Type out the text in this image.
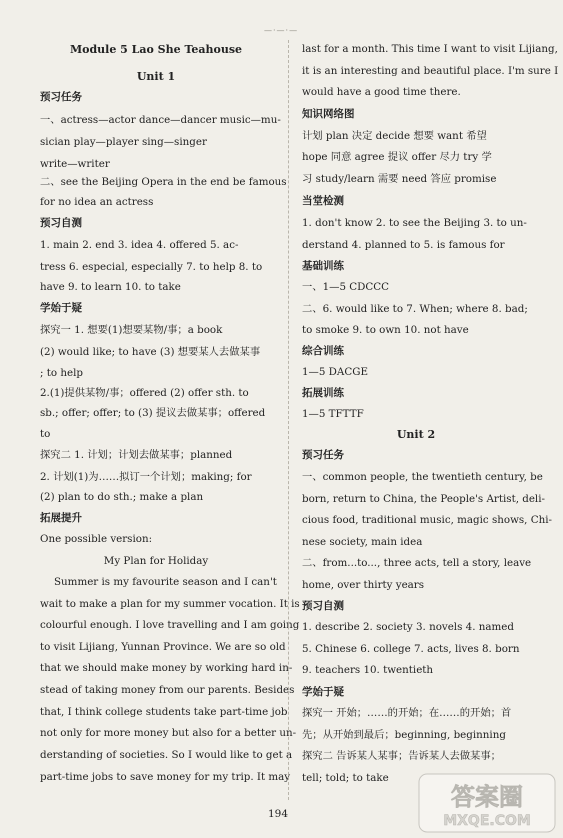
—·—·—
Module 5 Lao She Teahouse
Unit 1
预习任务
一、actress—actor dance—dancer music—mu-
sician play—player sing—singer
write—writer
二、see the Beijing Opera in the end be famous
for no idea an actress
预习自测
1. main 2. end 3. idea 4. offered 5. ac-
tress 6. especial, especially 7. to help 8. to
have 9. to learn 10. to take
学始于疑
探究一 1. 想要(1)想要某物/事；a book
(2) would like; to have (3) 想要某人去做某事
; to help
2.(1)提供某物/事；offered (2) offer sth. to
sb.; offer; offer; to (3) 提议去做某事；offered
to
探究二 1. 计划；计划去做某事；planned
2. 计划(1)为……拟订一个计划；making; for
(2) plan to do sth.; make a plan
拓展提升
One possible version:
My Plan for Holiday
Summer is my favourite season and I can't
wait to make a plan for my summer vocation. It is
colourful enough. I love travelling and I am going
to visit Lijiang, Yunnan Province. We are so old
that we should make money by working hard in-
stead of taking money from our parents. Besides
that, I think college students take part-time job
not only for more money but also for a better un-
derstanding of societies. So I would like to get a
part-time jobs to save money for my trip. It may
last for a month. This time I want to visit Lijiang,
it is an interesting and beautiful place. I'm sure I
would have a good time there.
知识网络图
计划 plan 决定 decide 想要 want 希望
hope 同意 agree 提议 offer 尽力 try 学
习 study/learn 需要 need 答应 promise
当堂检测
1. don't know 2. to see the Beijing 3. to un-
derstand 4. planned to 5. is famous for
基础训练
一、1—5 CDCCC
二、6. would like to 7. When; where 8. bad;
to smoke 9. to own 10. not have
综合训练
1—5 DACGE
拓展训练
1—5 TFTTF
Unit 2
预习任务
一、common people, the twentieth century, be
born, return to China, the People's Artist, deli-
cious food, traditional music, magic shows, Chi-
nese society, main idea
二、from...to..., three acts, tell a story, leave
home, over thirty years
预习自测
1. describe 2. society 3. novels 4. named
5. Chinese 6. college 7. acts, lives 8. born
9. teachers 10. twentieth
学始于疑
探究一 开始；……的开始；在……的开始；首
先；从开始到最后；beginning, beginning
探究二 告诉某人某事；告诉某人去做某事；
tell; told; to take
194
答案圈
MXQE.COM
